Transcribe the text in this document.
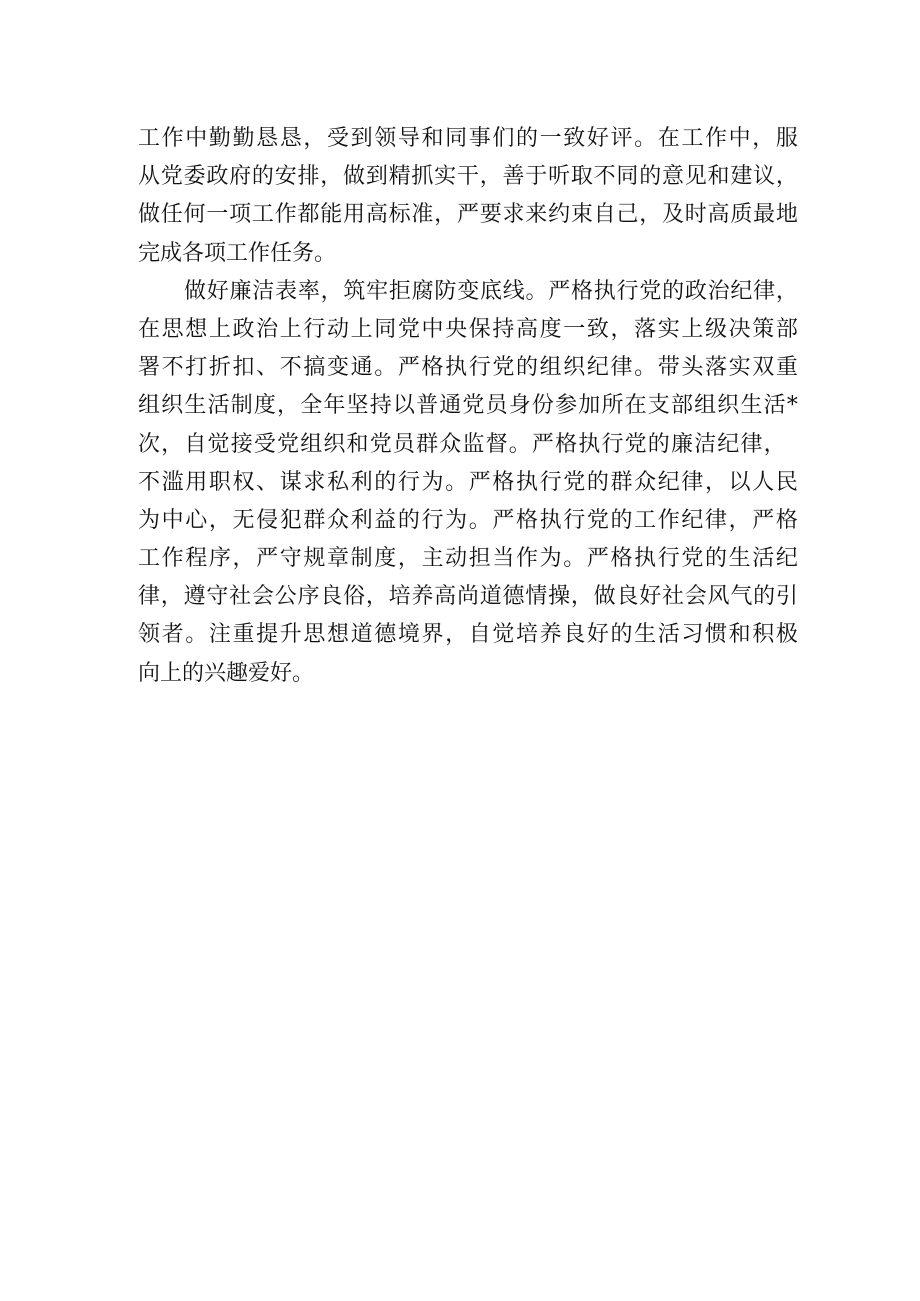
工 作 中 勤 勤 恳 恳 ， 受 到 领 导 和 同 事 们 的 一 致 好 评 。 在 工 作 中 ， 服
从 党 委 政 府 的 安 排 ， 做 到 精 抓 实 干 ， 善 于 听 取 不 同 的 意 见 和 建 议 ，
做 任 何 一 项 工 作 都 能 用 高 标 准 ， 严 要 求 来 约 束 自 己 ， 及 时 高 质 最 地
完成各项工作任务。
做 好 廉 洁 表 率 ， 筑 牢 拒 腐 防 变 底 线 。 严 格 执 行 党 的 政 治 纪 律 ，
在 思 想 上 政 治 上 行 动 上 同 党 中 央 保 持 高 度 一 致 ， 落 实 上 级 决 策 部
署 不 打 折 扣 、 不 搞 变 通 。 严 格 执 行 党 的 组 织 纪 律 。 带 头 落 实 双 重
组 织 生 活 制 度 ， 全 年 坚 持 以 普 通 党 员 身 份 参 加 所 在 支 部 组 织 生 活 *
次 ， 自 觉 接 受 党 组 织 和 党 员 群 众 监 督 。 严 格 执 行 党 的 廉 洁 纪 律 ，
不 滥 用 职 权 、 谋 求 私 利 的 行 为 。 严 格 执 行 党 的 群 众 纪 律 ， 以 人 民
为 中 心 ， 无 侵 犯 群 众 利 益 的 行 为 。 严 格 执 行 党 的 工 作 纪 律 ， 严 格
工 作 程 序 ， 严 守 规 章 制 度 ， 主 动 担 当 作 为 。 严 格 执 行 党 的 生 活 纪
律 ， 遵 守 社 会 公 序 良 俗 ， 培 养 高 尚 道 德 情 操 ， 做 良 好 社 会 风 气 的 引
领 者 。 注 重 提 升 思 想 道 德 境 界 ， 自 觉 培 养 良 好 的 生 活 习 惯 和 积 极
向上的兴趣爱好。
